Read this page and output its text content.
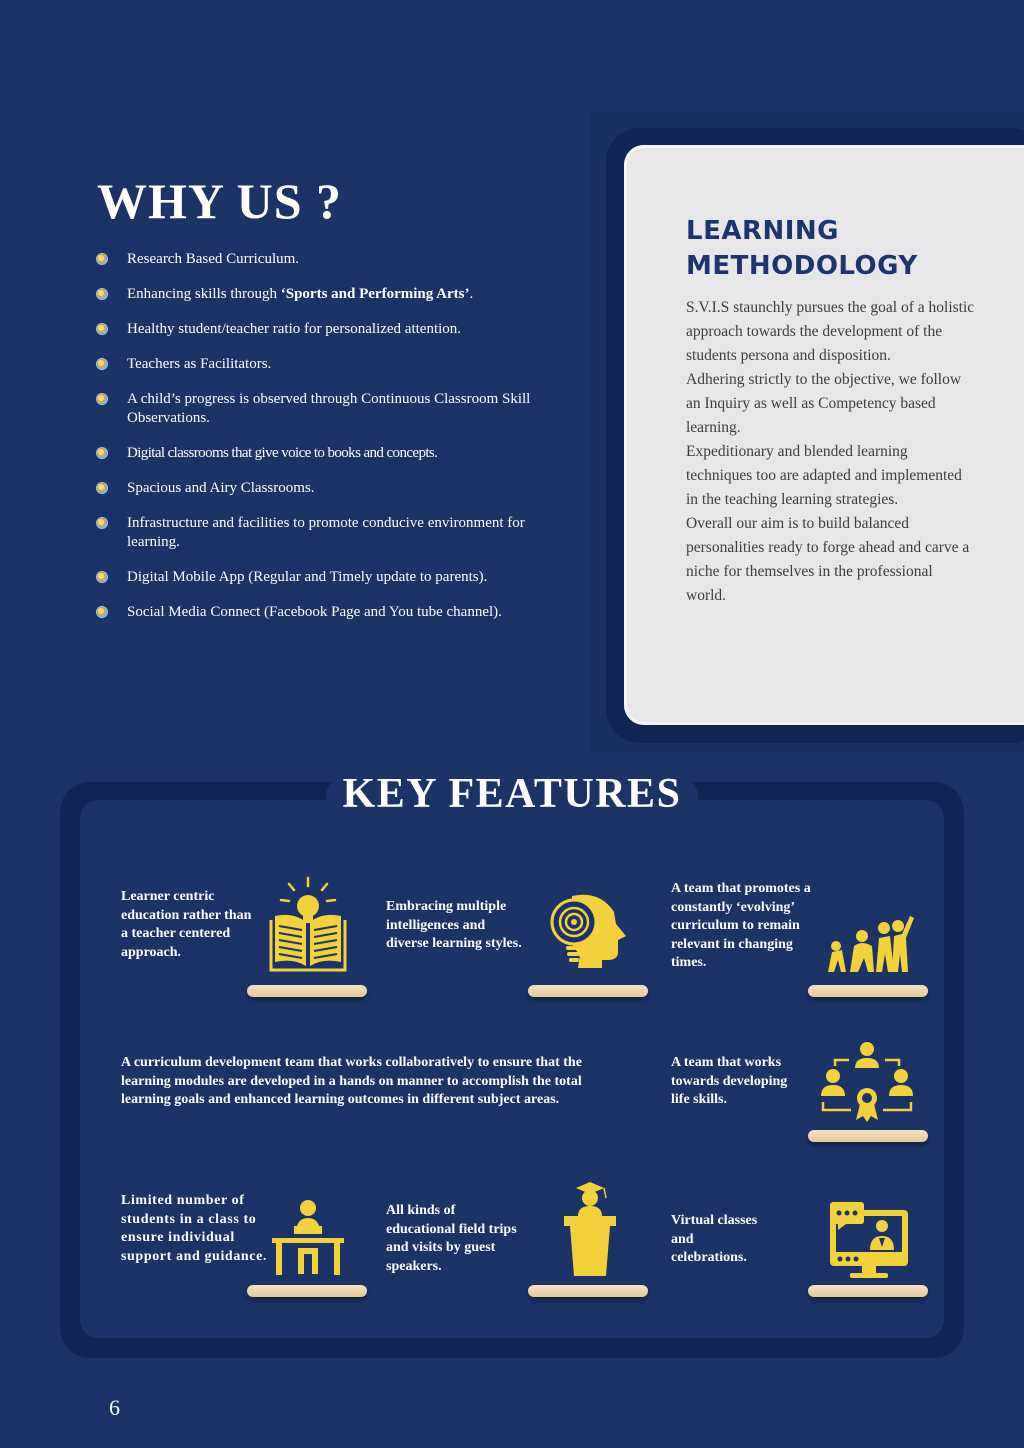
WHY US ?
Research Based Curriculum.
Enhancing skills through ‘Sports and Performing Arts’.
Healthy student/teacher ratio for personalized attention.
Teachers as Facilitators.
A child’s progress is observed through Continuous Classroom Skill Observations.
Digital classrooms that give voice to books and concepts.
Spacious and Airy Classrooms.
Infrastructure and facilities to promote conducive environment for learning.
Digital Mobile App (Regular and Timely update to parents).
Social Media Connect (Facebook Page and You tube channel).
LEARNING METHODOLOGY

S.V.I.S staunchly pursues the goal of a holistic approach towards the development of the students persona and disposition.

Adhering strictly to the objective, we follow an Inquiry as well as Competency based learning.

Expeditionary and blended learning techniques too are adapted and implemented in the teaching learning strategies.

Overall our aim is to build balanced personalities ready to forge ahead and carve a niche for themselves in the professional world.

KEY FEATURES

Learner centric education rather than a teacher centered approach.

Embracing multiple intelligences and diverse learning styles.

A team that promotes a constantly ‘evolving’ curriculum to remain relevant in changing times.

A curriculum development team that works collaboratively to ensure that the learning modules are developed in a hands on manner to accomplish the total learning goals and enhanced learning outcomes in different subject areas.

A team that works towards developing life skills.

Limited number of students in a class to ensure individual support and guidance.

All kinds of educational field trips and visits by guest speakers.

Virtual classes and celebrations.

6
